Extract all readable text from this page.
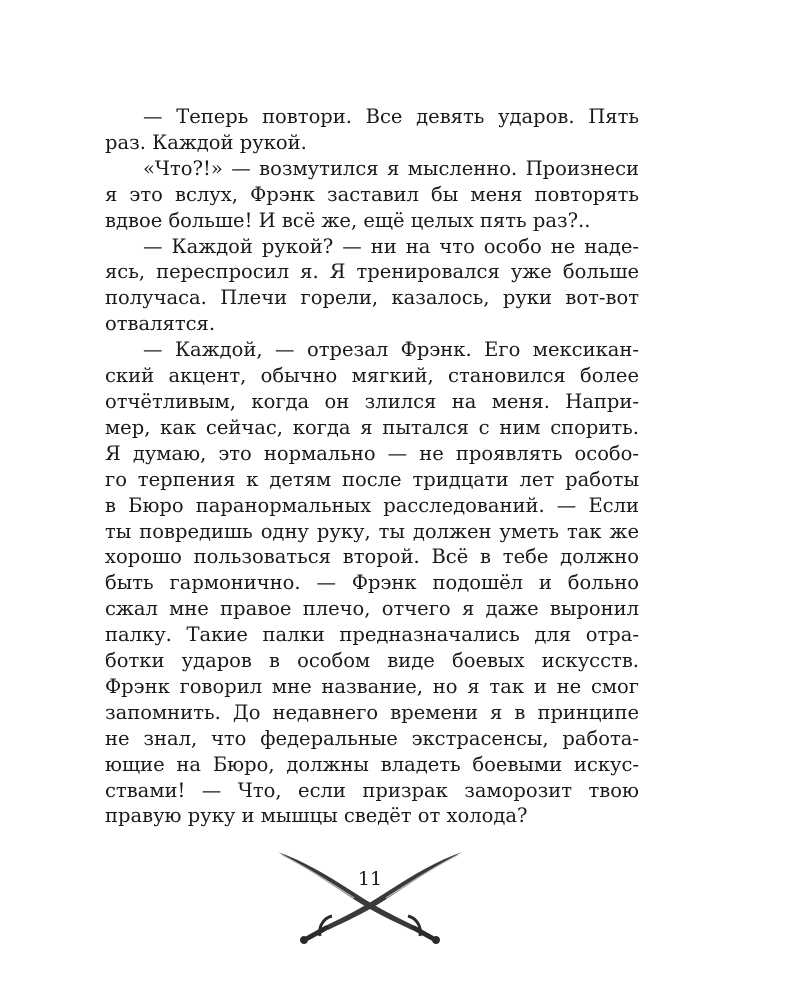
— Теперь повтори. Все девять ударов. Пять
раз. Каждой рукой.
«Что?!» — возмутился я мысленно. Произнеси
я это вслух, Фрэнк заставил бы меня повторять
вдвое больше! И всё же, ещё целых пять раз?..
— Каждой рукой? — ни на что особо не наде-
ясь, переспросил я. Я тренировался уже больше
получаса. Плечи горели, казалось, руки вот-вот
отвалятся.
— Каждой, — отрезал Фрэнк. Его мексикан-
ский акцент, обычно мягкий, становился более
отчётливым, когда он злился на меня. Напри-
мер, как сейчас, когда я пытался с ним спорить.
Я думаю, это нормально — не проявлять особо-
го терпения к детям после тридцати лет работы
в Бюро паранормальных расследований. — Если
ты повредишь одну руку, ты должен уметь так же
хорошо пользоваться второй. Всё в тебе должно
быть гармонично. — Фрэнк подошёл и больно
сжал мне правое плечо, отчего я даже выронил
палку. Такие палки предназначались для отра-
ботки ударов в особом виде боевых искусств.
Фрэнк говорил мне название, но я так и не смог
запомнить. До недавнего времени я в принципе
не знал, что федеральные экстрасенсы, работа-
ющие на Бюро, должны владеть боевыми искус-
ствами! — Что, если призрак заморозит твою
правую руку и мышцы сведёт от холода?
11
